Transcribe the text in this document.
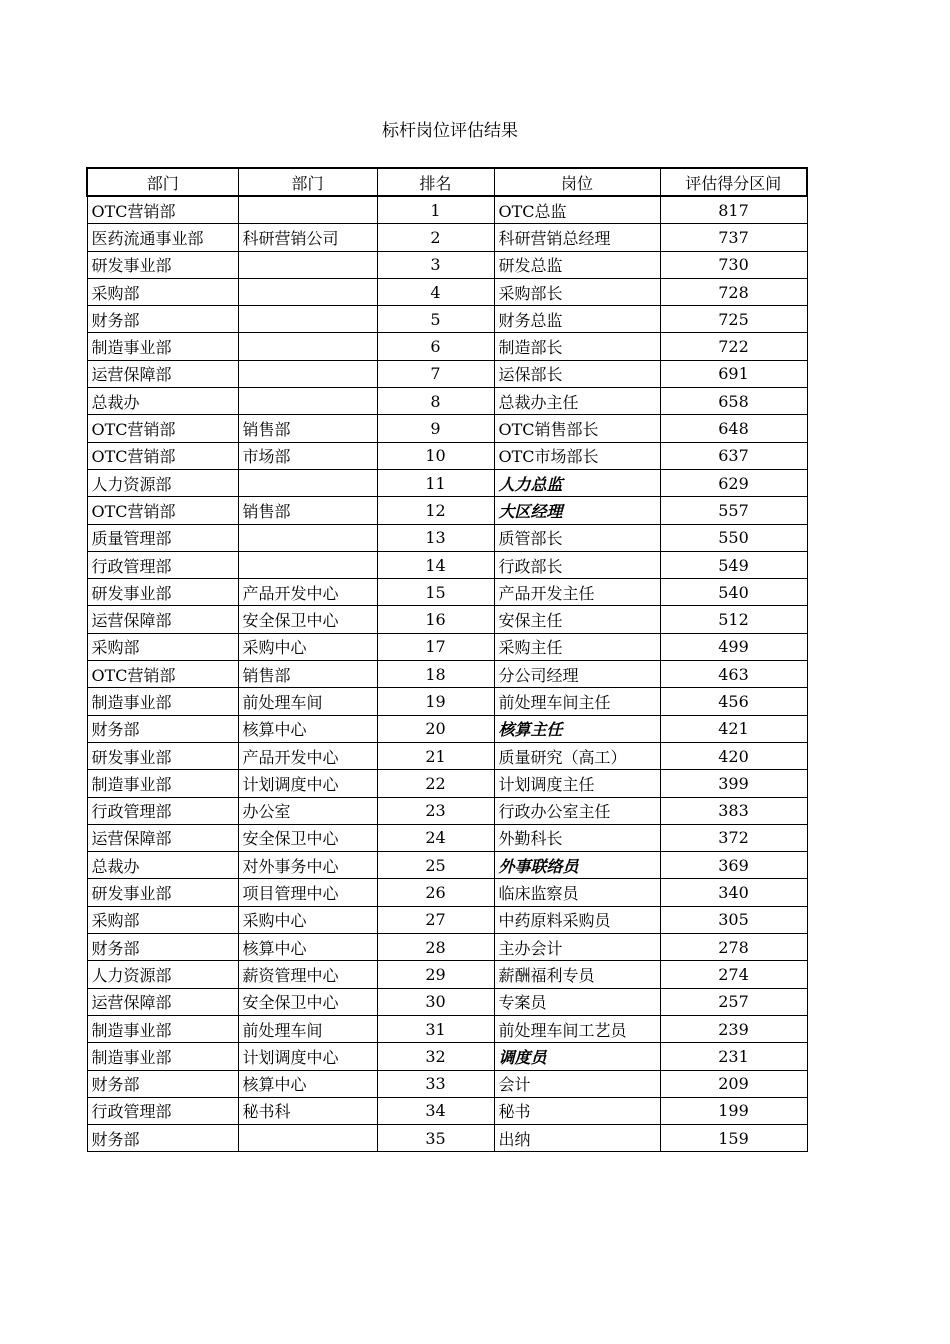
标杆岗位评估结果
部门	部门	排名	岗位	评估得分区间
OTC营销部		1	OTC总监	817
医药流通事业部	科研营销公司	2	科研营销总经理	737
研发事业部		3	研发总监	730
采购部		4	采购部长	728
财务部		5	财务总监	725
制造事业部		6	制造部长	722
运营保障部		7	运保部长	691
总裁办		8	总裁办主任	658
OTC营销部	销售部	9	OTC销售部长	648
OTC营销部	市场部	10	OTC市场部长	637
人力资源部		11	人力总监	629
OTC营销部	销售部	12	大区经理	557
质量管理部		13	质管部长	550
行政管理部		14	行政部长	549
研发事业部	产品开发中心	15	产品开发主任	540
运营保障部	安全保卫中心	16	安保主任	512
采购部	采购中心	17	采购主任	499
OTC营销部	销售部	18	分公司经理	463
制造事业部	前处理车间	19	前处理车间主任	456
财务部	核算中心	20	核算主任	421
研发事业部	产品开发中心	21	质量研究（高工）	420
制造事业部	计划调度中心	22	计划调度主任	399
行政管理部	办公室	23	行政办公室主任	383
运营保障部	安全保卫中心	24	外勤科长	372
总裁办	对外事务中心	25	外事联络员	369
研发事业部	项目管理中心	26	临床监察员	340
采购部	采购中心	27	中药原料采购员	305
财务部	核算中心	28	主办会计	278
人力资源部	薪资管理中心	29	薪酬福利专员	274
运营保障部	安全保卫中心	30	专案员	257
制造事业部	前处理车间	31	前处理车间工艺员	239
制造事业部	计划调度中心	32	调度员	231
财务部	核算中心	33	会计	209
行政管理部	秘书科	34	秘书	199
财务部		35	出纳	159
